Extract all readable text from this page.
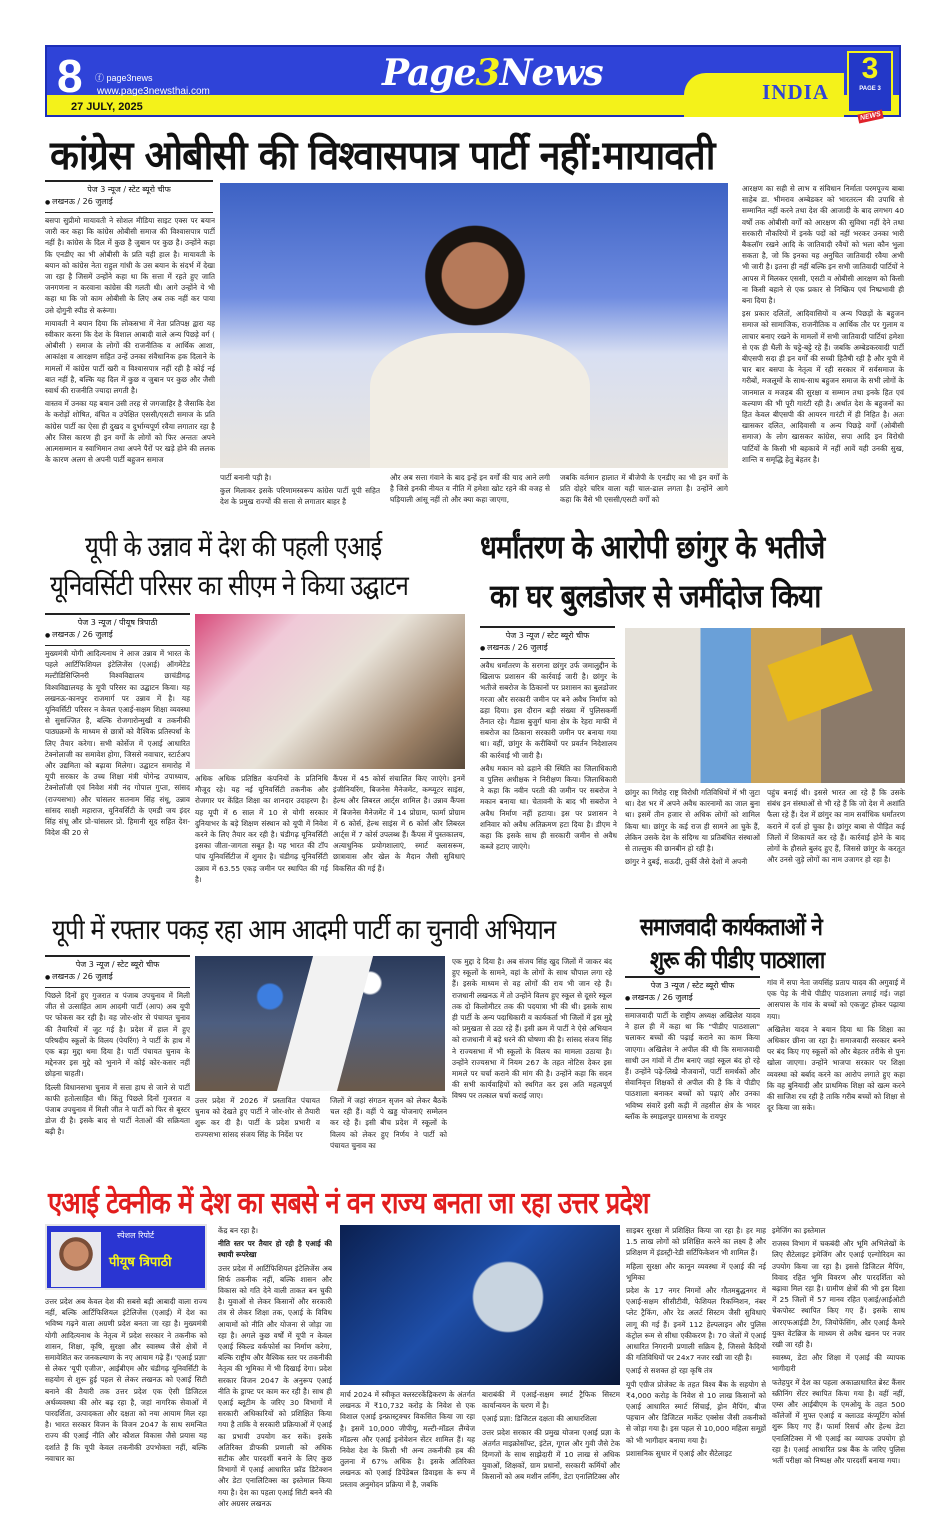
8 ⓕ page3news
www.page3newsthai.com
27 JULY, 2025
Page3News	INDIA
3
PAGE 3
NEWS
कांग्रेस ओबीसी की विश्वासपात्र पार्टी नहीं:मायावती
पेज 3 न्यूज / स्टेट ब्यूरो चीफ
● लखनऊ / 26 जुलाई

बसपा सुप्रीमो मायावती ने सोशल मीडिया साइट एक्स पर बयान जारी कर कहा कि कांग्रेस ओबीसी समाज की विश्वासपात्र पार्टी नहीं है। कांग्रेस के दिल में कुछ है जुबान पर कुछ है। उन्होंने कहा कि एनडीए का भी ओबीसी के प्रति यही हाल है। मायावती के बयान को कांग्रेस नेता राहुल गांधी के उस बयान के संदर्भ में देखा जा रहा है जिसमें उन्होंने कहा था कि सत्ता में रहते हुए जाति जनगणना न करवाना कांग्रेस की गलती थी। आगे उन्होंने ये भी कहा था कि जो काम ओबीसी के लिए अब तक नहीं कर पाया उसे दोगुनी स्पीड से करूंगा।

मायावती ने बयान दिया कि लोकसभा में नेता प्रतिपक्ष द्वारा यह स्वीकार करना कि देश के विशाल आबादी वाले अन्य पिछड़े वर्ग ( ओबीसी ) समाज के लोगों की राजनीतिक व आर्थिक आशा, आकांक्षा व आरक्षण सहित उन्हें उनका संवैधानिक हक दिलाने के मामलों में कांग्रेस पार्टी खरी व विश्वासपात्र नहीं रही है कोई नई बात नहीं है, बल्कि यह दिल में कुछ व जुबान पर कुछ और जैसी स्वार्थ की राजनीति ज्यादा लगती है।

वास्तव में उनका यह बयान उसी तरह से जगजाहिर है जैसाकि देश के करोड़ों शोषित, वंचित व उपेक्षित एससी/एसटी समाज के प्रति कांग्रेस पार्टी का ऐसा ही दुखद व दुर्भाग्यपूर्ण रवैया लगातार रहा है और जिस कारण ही इन वर्गों के लोगों को फिर अन्ततः अपने आत्मसम्मान व स्वाभिमान तथा अपने पैरों पर खड़े होने की ललक के कारण अलग से अपनी पार्टी बहुजन समाज

पार्टी बनानी पड़ी है।

कुल मिलाकर इसके परिणामस्वरूप कांग्रेस पार्टी यूपी सहित देश के प्रमुख राज्यों की सत्ता से लगातार बाहर है

और अब सत्ता गंवाने के बाद इन्हें इन वर्गों की याद आने लगी है जिसे इनकी नीयत व नीति में हमेशा खोट रहने की वजह से घड़ियाली आंसू नहीं तो और क्या कहा जाएगा,

जबकि वर्तमान हालात में बीजेपी के एनडीए का भी इन वर्गों के प्रति दोहरे चरित्र वाला यही चाल-ढाल लगता है। उन्होंने आगे कहा कि वैसे भी एससी/एसटी वर्गों को

आरक्षण का सही से लाभ व संविधान निर्माता परमपूज्य बाबा साहेब डा. भीमराव अम्बेडकर को भारतरत्न की उपाधि से सम्मानित नहीं करने तथा देश की आजादी के बाद लगभग 40 वर्षों तक ओबीसी वर्गों को आरक्षण की सुविधा नहीं देने तथा सरकारी नौकरियों में इनके पदों को नहीं भरकर उनका भारी बैकलॉग रखने आदि के जातिवादी रवैयों को भला कौन भुला सकता है, जो कि इनका यह अनुचित जातिवादी रवैया अभी भी जारी है। इतना ही नहीं बल्कि इन सभी जातिवादी पार्टियों ने आपस में मिलकर एससी, एसटी व ओबीसी आरक्षण को किसी ना किसी बहाने से एक प्रकार से निष्क्रिय एवं निष्प्रभावी ही बना दिया है।

इस प्रकार दलितों, आदिवासियों व अन्य पिछड़ों के बहुजन समाज को सामाजिक, राजनीतिक व आर्थिक तौर पर गुलाम व लाचार बनाए रखने के मामलों में सभी जातिवादी पार्टियां हमेशा से एक ही थैली के चट्टे-बट्टे रहे हैं। जबकि अम्बेडकरवादी पार्टी बीएसपी सदा ही इन वर्गों की सच्ची हितैषी रही है और यूपी में चार बार बसपा के नेतृत्व में रही सरकार में सर्वसमाज के गरीबों, मजलूमों के साथ-साथ बहुजन समाज के सभी लोगों के जानमाल व मजहब की सुरक्षा व सम्मान तथा इनके हित एवं कल्याण की भी पूरी गारंटी रही है। अर्थात देश के बहुजनों का हित केवल बीएसपी की आयरन गारंटी में ही निहित है। अतः खासकर दलित, आदिवासी व अन्य पिछड़े वर्गों (ओबीसी समाज) के लोग खासकर कांग्रेस, सपा आदि इन विरोधी पार्टियों के किसी भी बहकावे में नहीं आवें यही उनकी सुख, शान्ति व समृद्धि हेतु बेहतर है।

यूपी के उन्नाव में देश की पहली एआई
यूनिवर्सिटी परिसर का सीएम ने किया उद्घाटन
पेज 3 न्यूज / पीयूष त्रिपाठी
● लखनऊ / 26 जुलाई

मुख्यमंत्री योगी आदित्यनाथ ने आज उन्नाव में भारत के पहले आर्टिफिशियल इंटेलिजेंस (एआई) ऑगमेंटेड मल्टीडिसिप्लिनरी विश्वविद्यालय छाचंडीगढ़ विश्वविद्यालयह के यूपी परिसर का उद्घाटन किया। यह लखनऊ-कानपुर राजमार्ग पर उन्नाव में है। यह यूनिवर्सिटी परिसर न केवल एआई-सक्षम शिक्षा व्यवस्था से सुसज्जित है, बल्कि रोजगारोन्मुखी व तकनीकी पाठ्यक्रमों के माध्यम से छात्रों को वैश्विक प्रतिस्पर्धा के लिए तैयार करेगा। सभी कोर्सेज में एआई आधारित टेक्नोलाजी का समावेश होगा, जिससे नवाचार, स्टार्टअप और उद्यमिता को बढ़ावा मिलेगा। उद्घाटन समारोह में यूपी सरकार के उच्च शिक्षा मंत्री योगेन्द्र उपाध्याय, टेक्नोलॉजी एवं निवेश मंत्री नंद गोपाल गुप्ता, सांसद (राज्यसभा) और चांसलर सतनाम सिंह संधू, उन्नाव सांसद साक्षी महाराज, यूनिवर्सिटी के एमडी जय इंदर सिंह संधू और प्रो-चांसलर प्रो. हिमानी सूद सहित देश-विदेश की 20 से

अधिक अधिक प्रतिष्ठित कंपनियों के प्रतिनिधि मौजूद रहे। यह नई यूनिवर्सिटी तकनीक और रोजगार पर केंद्रित शिक्षा का शानदार उदाहरण है। यह यूपी में 6 साल में 10 से योगी सरकार दुनियाभर के बड़े शिक्षण संस्थान को यूपी में निवेश करने के लिए तैयार कर रही है। चंडीगढ़ यूनिवर्सिटी इसका जीता-जागता सबूत है। यह भारत की टॉप पांच यूनिवर्सिटीज में शुमार है। चंडीगढ़ यूनिवर्सिटी उन्नाव में 63.55 एकड़ जमीन पर स्थापित की गई है।

कैंपस में 45 कोर्स संचालित किए जाएंगे। इनमें इंजीनियरिंग, बिजनेस मैनेजमेंट, कम्प्यूटर साइंस, हेल्थ और लिबरल आर्ट्स शामिल है। उन्नाव कैंपस में बिजनेस मैनेजमेंट में 14 प्रोग्राम, फार्मा प्रोग्राम में 6 कोर्स, हेल्थ साइंस में 6 कोर्स और लिबरल आर्ट्स में 7 कोर्स उपलब्ध हैं। कैंपस में पुस्तकालय, अत्याधुनिक प्रयोगशालाएं, स्मार्ट क्लासरूम, छात्रावास और खेल के मैदान जैसी सुविधाएं विकसित की गई हैं।

धर्मांतरण के आरोपी छांगुर के भतीजे
का घर बुलडोजर से जमींदोज किया
पेज 3 न्यूज / स्टेट ब्यूरो चीफ
● लखनऊ / 26 जुलाई

अवैध धर्मांतरण के सरगना छांगुर उर्फ जमालुद्दीन के खिलाफ प्रशासन की कार्रवाई जारी है। छांगुर के भतीजे सबरोज के ठिकानों पर प्रशासन का बुलडोजर गरजा और सरकारी जमीन पर बने अवैध निर्माण को ढहा दिया। इस दौरान बड़ी संख्या में पुलिसकर्मी तैनात रहे। गैडास बुजुर्ग थाना क्षेत्र के रेहरा माफी में सबरोज का ठिकाना सरकारी जमीन पर बनाया गया था। वहीं, छांगुर के करीबियों पर प्रवर्तन निदेशालय की कार्रवाई भी जारी है।

अवैध मकान को ढहाने की स्थिति का जिलाधिकारी व पुलिस अधीक्षक ने निरीक्षण किया। जिलाधिकारी ने कहा कि नवीन परती की जमीन पर सबरोज ने मकान बनाया था। चेतावनी के बाद भी सबरोज ने अवैध निर्माण नहीं हटाया। इस पर प्रशासन ने शनिवार को अवैध अतिक्रमण हटा दिया है। डीएम ने कहा कि इसके साथ ही सरकारी जमीन से अवैध कब्जे हटाए जाएंगे।

छांगुर का गिरोह राष्ट्र विरोधी गतिविधियों में भी जुटा था। देश भर में अपने अवैध कारनामों का जाल बुना था। इसमें तीन हजार से अधिक लोगों को शामिल किया था। छांगुर के कई राज ही सामने आ चुके हैं, लेकिन उसके देश के संदिग्ध या प्रतिबंधित संस्थाओं से ताल्लुक की छानबीन हो रही है।

छांगुर ने दुबई, सऊदी, तुर्की जैसे देशों में अपनी

पहुंच बनाई थी। इससे भारत आ रहे हैं कि उसके संबंध इन संस्थाओं से भी रहे हैं कि जो देश में अशांति फैला रहे हैं। देश में छांगुर का नाम सर्वाधिक धर्मांतरण कराने में दर्ज हो चुका है। छांगुर बाबा से पीड़ित कई जिलों में शिकायतें कर रहे हैं। कार्रवाई होने के बाद लोगों के हौसले बुलंद हुए हैं, जिससे छांगुर के करतूत और उनसे जुड़े लोगों का नाम उजागर हो रहा है।

यूपी में रफ्तार पकड़ रहा आम आदमी पार्टी का चुनावी अभियान
पेज 3 न्यूज / स्टेट ब्यूरो चीफ
● लखनऊ / 26 जुलाई

पिछले दिनों हुए गुजरात व पंजाब उपचुनाव में मिली जीत से उत्साहित आम आदमी पार्टी (आप) अब यूपी पर फोकस कर रही है। वह जोर-शोर से पंचायत चुनाव की तैयारियों में जुट गई है। प्रदेश में हाल में हुए परिषदीय स्कूलों के विलय (पेयरिंग) ने पार्टी के हाथ में एक बड़ा मुद्दा थमा दिया है। पार्टी पंचायत चुनाव के मद्देनजर इस मुद्दे को भुनाने में कोई कोर-कसर नहीं छोड़ना चाहती।

दिल्ली विधानसभा चुनाव में सत्ता हाथ से जाने से पार्टी काफी हतोत्साहित थी। किंतु पिछले दिनों गुजरात व पंजाब उपचुनाव में मिली जीत ने पार्टी को फिर से बूस्टर डोज दी है। इसके बाद से पार्टी नेताओं की सक्रियता बढ़ी है।

उत्तर प्रदेश में 2026 में प्रस्तावित पंचायत चुनाव को देखते हुए पार्टी ने जोर-शोर से तैयारी शुरू कर दी है। पार्टी के प्रदेश प्रभारी व राज्यसभा सांसद संजय सिंह के निर्देश पर

जिलों में जहां संगठन सृजन को लेकर बैठकें चल रही हैं। वहीं पे खड्ड योजनाएं सम्मेलन कर रहे हैं। इसी बीच प्रदेश में स्कूलों के विलय को लेकर हुए निर्णय ने पार्टी को पंचायत चुनाव का

एक मुद्दा दे दिया है। अब संजय सिंह खुद जिलों में जाकर बंद हुए स्कूलों के सामने, वहां के लोगों के साथ चौपाल लगा रहे हैं। इसके माध्यम से वह लोगों की राय भी जान रहे हैं। राजधानी लखनऊ में तो उन्होंने विलय हुए स्कूल से दूसरे स्कूल तक दो किलोमीटर तक की पदयात्रा भी की थी। इसके साथ ही पार्टी के अन्य पदाधिकारी व कार्यकर्ता भी जिलों में इस मुद्दे को प्रमुखता से उठा रहे हैं। इसी क्रम में पार्टी ने ऐसे अभियान को राजधानी में बड़े धरने की घोषणा की है। सांसद संजय सिंह ने राज्यसभा में भी स्कूलों के विलय का मामला उठाया है। उन्होंने राज्यसभा में नियम 267 के तहत नोटिस देकर इस मामले पर चर्चा कराने की मांग की है। उन्होंने कहा कि सदन की सभी कार्यवाहियों को स्थगित कर इस अति महत्वपूर्ण विषय पर तत्काल चर्चा कराई जाए।

समाजवादी कार्यकताओं ने
शुरू की पीडीए पाठशाला
पेज 3 न्यूज / स्टेट ब्यूरो चीफ
● लखनऊ / 26 जुलाई

समाजवादी पार्टी के राष्ट्रीय अध्यक्ष अखिलेश यादव ने हाल ही में कहा था कि "पीडीए पाठशाला" चलाकर बच्चों की पढ़ाई कराने का काम किया जाएगा। अखिलेश ने अपील की थी कि समाजवादी साथी उन गांवों में टीम बनाएं जहां स्कूल बंद हो रहे हैं। उन्होंने पढ़े-लिखे नौजवानों, पार्टी समर्थकों और सेवानिवृत्त शिक्षकों से अपील की है कि वे पीडीए पाठशाला बनाकर बच्चों को पढ़ाएं और उनका भविष्य संवारें इसी कड़ी में तहसील क्षेत्र के भादर ब्लॉक के स्माइलपुर ग्रामसभा के रायपुर

गांव में सपा नेता जयसिंह प्रताप यादव की अगुवाई में एक पेड़ के नीचे पीडीए पाठशाला लगाई गई। जहां आसपास के गांव के बच्चों को एकजुट होकर पढ़ाया गया।

अखिलेश यादव ने बयान दिया था कि शिक्षा का अधिकार छीना जा रहा है। समाजवादी सरकार बनने पर बंद किए गए स्कूलों को और बेहतर तरीके से पुनः खोला जाएगा। उन्होंने भाजपा सरकार पर शिक्षा व्यवस्था को बर्बाद करने का आरोप लगाते हुए कहा कि वह बुनियादी और प्राथमिक शिक्षा को खत्म करने की साजिश रच रही है ताकि गरीब बच्चों को शिक्षा से दूर किया जा सके।

एआई टेक्नीक में देश का सबसे नं वन राज्य बनता जा रहा उत्तर प्रदेश
स्पेशल रिपोर्ट
पीयूष त्रिपाठी

उत्तर प्रदेश अब केवल देश की सबसे बड़ी आबादी वाला राज्य नहीं, बल्कि आर्टिफिशियल इंटेलिजेंस (एआई) में देश का भविष्य गढ़ने वाला अग्रणी प्रदेश बनता जा रहा है। मुख्यमंत्री योगी आदित्यनाथ के नेतृत्व में प्रदेश सरकार ने तकनीक को शासन, शिक्षा, कृषि, सुरक्षा और स्वास्थ्य जैसे क्षेत्रों में समावेशित कर जनकल्याण के नए आयाम गढ़े हैं। 'एआई प्रज्ञा' से लेकर 'यूपी एजीज', आईबीएम और चंडीगढ़ यूनिवर्सिटी के सहयोग से शुरू हुई पहल से लेकर लखनऊ को एआई सिटी बनाने की तैयारी तक उत्तर प्रदेश एक ऐसी डिजिटल अर्थव्यवस्था की ओर बढ़ रहा है, जहां नागरिक सेवाओं में पारदर्शिता, उत्पादकता और दक्षता को नया आयाम मिल रहा है। भारत सरकार विजन के विजन 2047 के साथ समन्वित राज्य की एआई नीति और कौशल विकास जैसे प्रयास यह दर्शाते हैं कि यूपी केवल तकनीकी उपभोक्ता नहीं, बल्कि नवाचार का

केंद्र बन रहा है।

नीति स्तर पर तैयार हो रही है एआई की स्थायी रूपरेखा

उत्तर प्रदेश में आर्टिफिशियल इंटेलिजेंस अब सिर्फ तकनीक नहीं, बल्कि शासन और विकास को गति देने वाली ताकत बन चुकी है। युवाओं से लेकर किसानों और सरकारी तंत्र से लेकर शिक्षा तक, एआई के विविध आयामों को नीति और योजना से जोड़ा जा रहा है। अगले कुछ वर्षों में यूपी न केवल एआई स्किल्ड वर्कफोर्स का निर्माण करेगा, बल्कि राष्ट्रीय और वैश्विक स्तर पर तकनीकी नेतृत्व की भूमिका में भी दिखाई देगा। प्रदेश सरकार विजन 2047 के अनुरूप एआई नीति के ड्राफ्ट पर काम कर रही है। साथ ही एआई ब्लूटीम के जरिए 30 विभागों में सरकारी अधिकारियों को प्रशिक्षित किया गया है ताकि वे सरकारी प्रक्रियाओं में एआई का प्रभावी उपयोग कर सकें। इसके अतिरिक्त डीफकी प्रणाली को अधिक सटीक और पारदर्शी बनाने के लिए कुछ विभागों में एआई आधारित फ्रॉड डिटेक्शन और डेटा एनालिटिक्स का इस्तेमाल किया गया है। देश का पहला एआई सिटी बनने की ओर अग्रसर लखनऊ

मार्च 2024 में स्वीकृत क्लस्टरकेंद्रिकरण के अंतर्गत लखनऊ में ₹10,732 करोड़ के निवेश से एक विशाल एआई इन्फ्रास्ट्रक्चर विकसित किया जा रहा है। इसमें 10,000 जीपीयू, मल्टी-मॉडल लैंग्वेज मॉडल्स और एआई इनोवेशन सेंटर शामिल हैं। यह निवेश देश के किसी भी अन्य तकनीकी हब की तुलना में 67% अधिक है। इसके अतिरिक्त लखनऊ को एआई डिपेंडेबल डिवाइस के रूप में प्रस्ताव अनुमोदन प्रक्रिया में है, जबकि

बाराबंकी में एआई-सक्षम स्मार्ट ट्रैफिक सिस्टम कार्यान्वयन के चरण में है।

एआई प्रज्ञा: डिजिटल दक्षता की आधारशिला

उत्तर प्रदेश सरकार की प्रमुख योजना एआई प्रज्ञा के अंतर्गत माइक्रोसॉफ्ट, इंटेल, गूगल और गुवी जैसे टेक दिग्गजों के साथ साझेदारी में 10 लाख से अधिक युवाओं, शिक्षकों, ग्राम प्रधानों, सरकारी कर्मियों और किसानों को अब मशीन लर्निंग, डेटा एनालिटिक्स और

साइबर सुरक्षा में प्रशिक्षित किया जा रहा है। हर माह 1.5 लाख लोगों को प्रशिक्षित करने का लक्ष्य है और प्रशिक्षण में इंडस्ट्री-रेडी सर्टिफिकेशन भी शामिल हैं।

महिला सुरक्षा और कानून व्यवस्था में एआई की नई भूमिका

प्रदेश के 17 नगर निगमों और गौतमबुद्धनगर में एआई-सक्षम सीसीटीवी, फेशियल रिकग्निशन, नंबर प्लेट ट्रैकिंग, और रेड अलर्ट सिस्टम जैसी सुविधाएं लागू की गई हैं। इनमें 112 हेल्पलाइन और पुलिस कंट्रोल रूम से सीधा एकीकरण है। 70 जेलों में एआई आधारित निगरानी प्रणाली सक्रिय है, जिससे कैदियों की गतिविधियों पर 24x7 नजर रखी जा रही है।

एआई से सशक्त हो रहा कृषि तंत्र

यूपी एग्रीज प्रोजेक्ट के तहत विश्व बैंक के सहयोग से ₹4,000 करोड़ के निवेश से 10 लाख किसानों को एआई आधारित स्मार्ट सिंचाई, ड्रोन मैपिंग, बीज पहचान और डिजिटल मार्केट एक्सेस जैसी तकनीकों से जोड़ा गया है। इस पहल से 10,000 महिला समूहों को भी भागीदार बनाया गया है।

प्रशासनिक सुधार में एआई और सैटेलाइट

इमेजिंग का इस्तेमाल

राजस्व विभाग में चकबंदी और भूमि अभिलेखों के लिए सैटेलाइट इमेजिंग और एआई एल्गोरिदम का उपयोग किया जा रहा है। इससे डिजिटल मैपिंग, विवाद रहित भूमि विवरण और पारदर्शिता को बढ़ावा मिल रहा है। ग्रामीण क्षेत्रों की भी इस दिशा में 25 जिलों में 57 मानव रहित एआई/आईओटी चेकपोस्ट स्थापित किए गए हैं। इसके साथ आरएफआईडी टैग, जियोफेंसिंग, और एआई कैमरे युक्त वेटब्रिज के माध्यम से अवैध खनन पर नजर रखी जा रही है।

स्वास्थ्य, डेटा और शिक्षा में एआई की व्यापक भागीदारी

फतेहपुर में देश का पहला अकाळाधारित ब्रेस्ट कैंसर स्क्रीनिंग सेंटर स्थापित किया गया है। वहीं नहीं, एम्स और आईबीएम के एमओयू के तहत 500 कॉलेजों में मुफ्त एआई व क्लाउड कंप्यूटिंग कोर्स शुरू किए गए हैं। फार्मा रिसर्च और हेल्थ डेटा एनालिटिक्स में भी एआई का व्यापक उपयोग हो रहा है। एआई आधारित प्रश्न बैंक के जरिए पुलिस भर्ती परीक्षा को निष्पक्ष और पारदर्शी बनाया गया।
